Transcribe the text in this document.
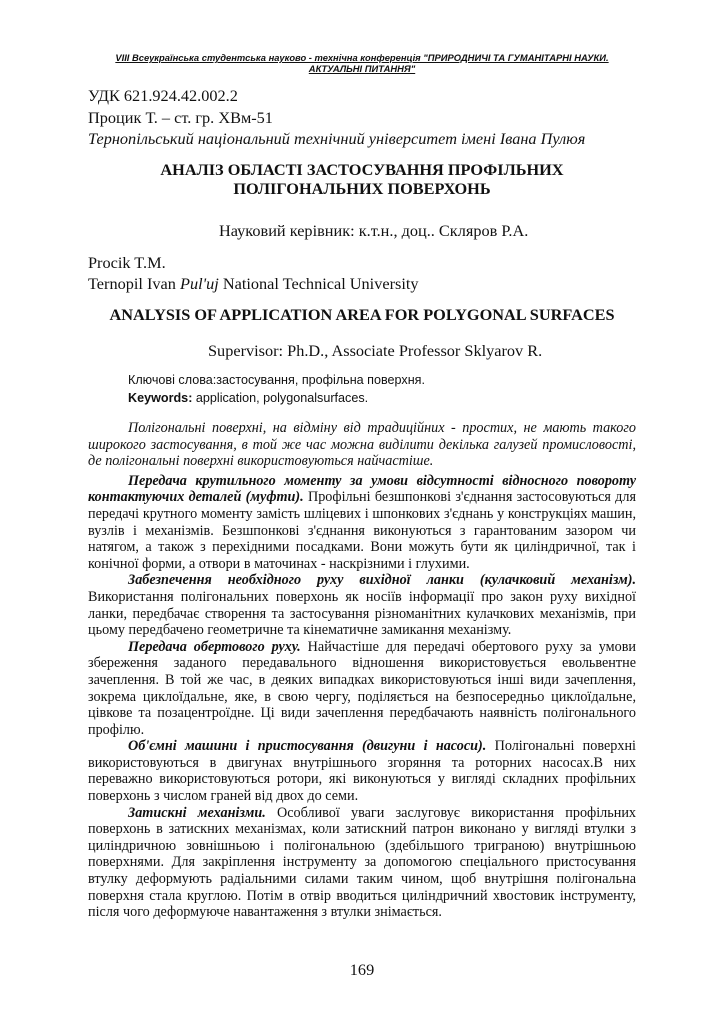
VIII Всеукраїнська студентська науково - технічна конференція "ПРИРОДНИЧІ ТА ГУМАНІТАРНІ НАУКИ. АКТУАЛЬНІ ПИТАННЯ"
УДК 621.924.42.002.2
Процик Т. – ст. гр. ХВм-51
Тернопільський національний технічний університет імені Івана Пулюя
АНАЛІЗ ОБЛАСТІ ЗАСТОСУВАННЯ ПРОФІЛЬНИХ
ПОЛІГОНАЛЬНИХ ПОВЕРХОНЬ
Науковий керівник: к.т.н., доц.. Скляров Р.А.
Procik T.M.
Ternopil Ivan Pul'uj National Technical University
ANALYSIS OF APPLICATION AREA FOR POLYGONAL SURFACES
Supervisor: Ph.D., Associate Professor Sklyarov R.
Ключові слова:застосування, профільна поверхня.
Keywords: application, polygonalsurfaces.

Полігональні поверхні, на відміну від традиційних - простих, не мають такого широкого застосування, в той же час можна виділити декілька галузей промисловості, де полігональні поверхні використовуються найчастіше.

Передача крутильного моменту за умови відсутності відносного повороту контактуючих деталей (муфти). Профільні безшпонкові з'єднання застосовуються для передачі крутного моменту замість шліцевих і шпонкових з'єднань у конструкціях машин, вузлів і механізмів. Безшпонкові з'єднання виконуються з гарантованим зазором чи натягом, а також з перехідними посадками. Вони можуть бути як циліндричної, так і конічної форми, а отвори в маточинах - наскрізними і глухими.

Забезпечення необхідного руху вихідної ланки (кулачковий механізм). Використання полігональних поверхонь як носіїв інформації про закон руху вихідної ланки, передбачає створення та застосування різноманітних кулачкових механізмів, при цьому передбачено геометричне та кінематичне замикання механізму.

Передача обертового руху. Найчастіше для передачі обертового руху за умови збереження заданого передавального відношення використовується евольвентне зачеплення. В той же час, в деяких випадках використовуються інші види зачеплення, зокрема циклоїдальне, яке, в свою чергу, поділяється на безпосередньо циклоїдальне, цівкове та позацентроїдне. Ці види зачеплення передбачають наявність полігонального профілю.

Об'ємні машини і пристосування (двигуни і насоси). Полігональні поверхні використовуються в двигунах внутрішнього згоряння та роторних насосах.В них переважно використовуються ротори, які виконуються у вигляді складних профільних поверхонь з числом граней від двох до семи.

Затискні механізми. Особливої уваги заслуговує використання профільних поверхонь в затискних механізмах, коли затискний патрон виконано у вигляді втулки з циліндричною зовнішньою і полігональною (здебільшого триграною) внутрішньою поверхнями. Для закріплення інструменту за допомогою спеціального пристосування втулку деформують радіальними силами таким чином, щоб внутрішня полігональна поверхня стала круглою. Потім в отвір вводиться циліндричний хвостовик інструменту, після чого деформуюче навантаження з втулки знімається.

169
